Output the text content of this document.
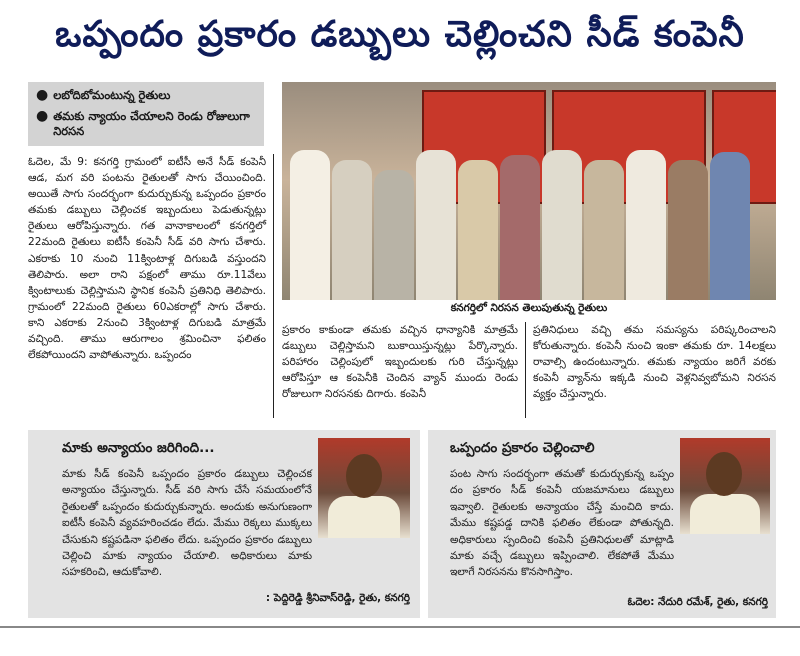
ఒప్పందం ప్రకారం డబ్బులు చెల్లించని సీడ్ కంపెనీ
● లబోదిబోమంటున్న రైతులు
● తమకు న్యాయం చేయాలని రెండు రోజులుగా నిరసన
కనగర్తిలో నిరసన తెలుపుతున్న రైతులు
ఓదెల, మే 9: కనగర్తి గ్రామంలో ఐటీసీ అనే సీడ్ కంపెనీ ఆడ, మగ వరి పంటను రైతులతో సాగు చేయించింది. అయితే సాగు సందర్భంగా కుదుర్చుకున్న ఒప్పందం ప్రకారం తమకు డబ్బులు చెల్లించక ఇబ్బందులు పెడుతున్నట్లు రైతులు ఆరోపిస్తున్నారు. గత వానాకాలంలో కనగర్తిలో 22మంది రైతులు ఐటీసీ కంపెనీ సీడ్ వరి సాగు చేశారు. ఎకరాకు 10 నుంచి 11క్వింటాళ్ల దిగుబడి వస్తుందని తెలిపారు. అలా రాని పక్షంలో తాము రూ.11వేలు క్వింటాలుకు చెల్లిస్తామని స్థానిక కంపెనీ ప్రతినిధి తెలిపారు. గ్రామంలో 22మంది రైతులు 60ఎకరాల్లో సాగు చేశారు. కాని ఎకరాకు 2నుంచి 3క్వింటాళ్ల దిగుబడి మాత్రమే వచ్చింది. తాము ఆరుగాలం శ్రమించినా ఫలితం లేకపోయిందని వాపోతున్నారు. ఒప్పందం
ప్రకారం కాకుండా తమకు వచ్చిన ధాన్యానికి మాత్రమే డబ్బులు చెల్లిస్తామని బుకాయిస్తున్నట్లు పేర్కొన్నారు. పరిహారం చెల్లింపులో ఇబ్బందులకు గురి చేస్తున్నట్లు ఆరోపిస్తూ ఆ కంపెనీకి చెందిన వ్యాన్ ముందు రెండు రోజులుగా నిరసనకు దిగారు. కంపెనీ
ప్రతినిధులు వచ్చి తమ సమస్యను పరిష్కరించాలని కోరుతున్నారు. కంపెనీ నుంచి ఇంకా తమకు రూ. 14లక్షలు రావాల్సి ఉందంటున్నారు. తమకు న్యాయం జరిగే వరకు కంపెనీ వ్యాన్‌ను ఇక్కడి నుంచి వెళ్లనివ్వబోమని నిరసన వ్యక్తం చేస్తున్నారు.
మాకు అన్యాయం జరిగింది...
మాకు సీడ్ కంపెనీ ఒప్పందం ప్రకారం డబ్బులు చెల్లించక అన్యాయం చేస్తున్నారు. సీడ్ వరి సాగు చేసే సమయంలోనే రైతులతో ఒప్పందం కుదుర్చుకున్నారు. అందుకు అనుగుణంగా ఐటీసీ కంపెనీ వ్యవహరించడం లేదు. మేము రెక్కలు ముక్కలు చేసుకుని కష్టపడినా ఫలితం లేదు. ఒప్పందం ప్రకారం డబ్బులు చెల్లించి మాకు న్యాయం చేయాలి. అధికారులు మాకు సహకరించి, ఆదుకోవాలి.
: పెద్దిరెడ్డి శ్రీనివాస్‌రెడ్డి, రైతు, కనగర్తి
ఒప్పందం ప్రకారం చెల్లించాలి
పంట సాగు సందర్భంగా తమతో కుదుర్చుకున్న ఒప్పం దం ప్రకారం సీడ్ కంపెనీ యజమానులు డబ్బులు ఇవ్వాలి. రైతులకు అన్యాయం చేస్తే మంచిది కాదు. మేము కష్టపడ్డ దానికి ఫలితం లేకుండా పోతున్నది. అధికారులు స్పందించి కంపెనీ ప్రతినిధులతో మాట్లాడి మాకు వచ్చే డబ్బులు ఇప్పించాలి. లేకపోతే మేము ఇలాగే నిరసనను కొనసాగిస్తాం.
ఓదెల: నేదురి రమేశ్, రైతు, కనగర్తి
